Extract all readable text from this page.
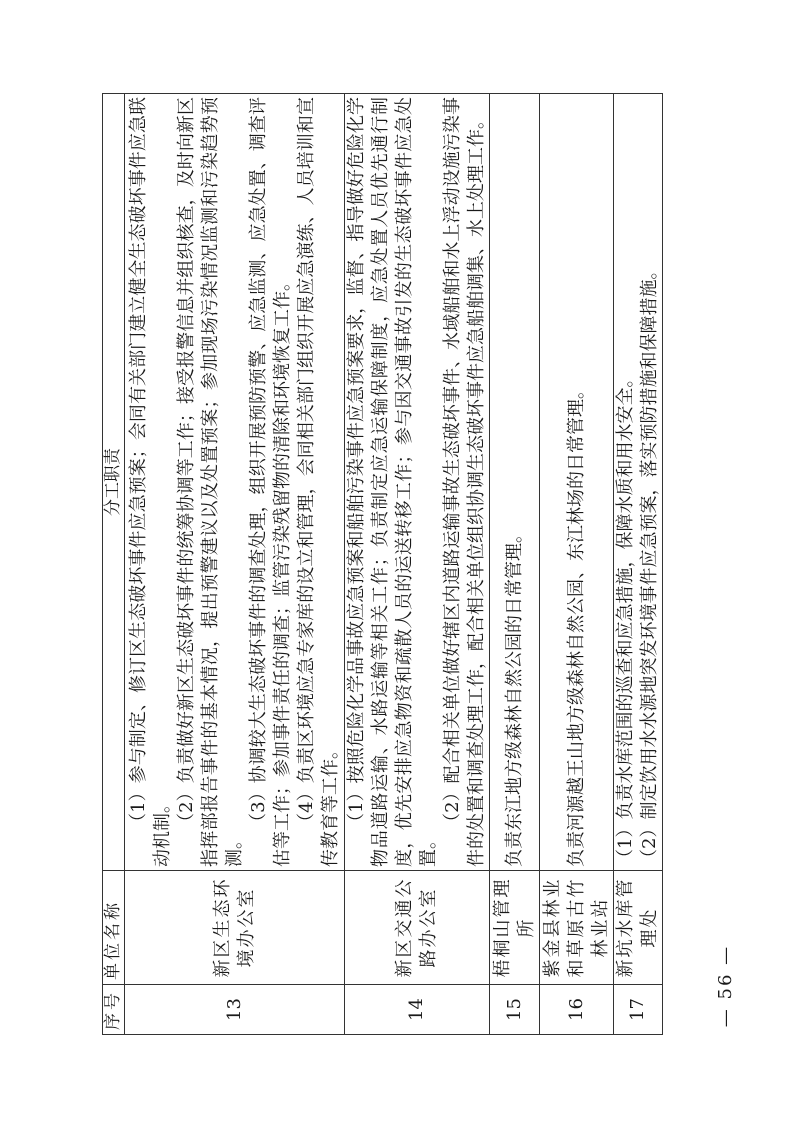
序号	单位名称	分工职责
13	新区生态环境办公室	（1）参与制定、修订区生态破坏事件应急预案；会同有关部门建立健全生态破坏事件应急联动机制。 （2）负责做好新区生态破坏事件的统筹协调等工作；接受报警信息并组织核查，及时向新区指挥部报告事件的基本情况，提出预警建议以及处置预案；参加现场污染情况监测和污染趋势预测。

（3）协调较大生态破坏事件的调查处理，组织开展预防预警、应急监测、应急处置、调查评估等工作；参加事件责任的调查；监管污染残留物的清除和环境恢复工作。 （4）负责区环境应急专家库的设立和管理，会同相关部门组织开展应急演练、人员培训和宣传教育等工作。

14	新区交通公路办公室	（1）按照危险化学品事故应急预案和船舶污染事件应急预案要求，监督、指导做好危险化学物品道路运输、水路运输等相关工作；负责制定应急运输保障制度，应急处置人员优先通行制度，优先安排应急物资和疏散人员的运送转移工作；参与因交通事故引发的生态破坏事件应急处置。

（2）配合相关单位做好辖区内道路运输事故生态破坏事件、水域船舶和水上浮动设施污染事件的处置和调查处理工作，配合相关单位组织协调生态破坏事件应急船舶调集、水上处理工作。

15	梧桐山管理所	负责东江地方级森林自然公园的日常管理。

16	紫金县林业和草原古竹林业站	负责河源越王山地方级森林自然公园、东江林场的日常管理。

17	新坑水库管理处	（1）负责水库范围的巡查和应急措施，保障水质和用水安全。 （2）制定饮用水水源地突发环境事件应急预案，落实预防措施和保障措施。

— 56 —
